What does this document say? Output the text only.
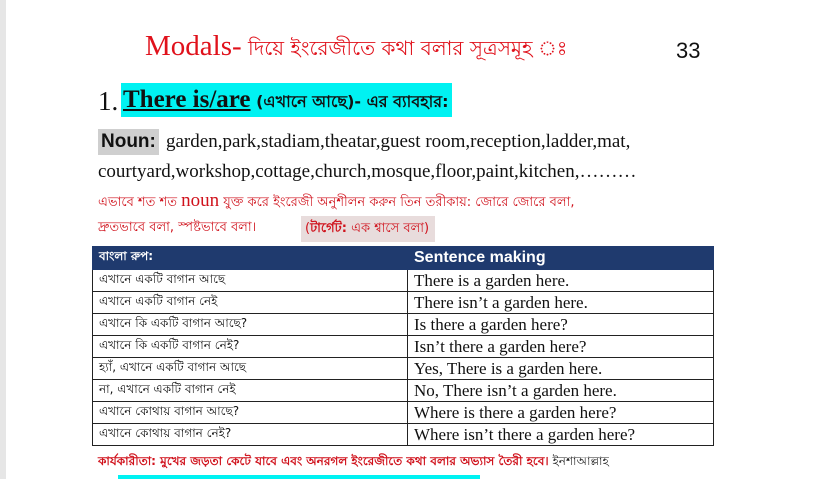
Modals- দিয়ে ইংরেজীতে কথা বলার সূত্রসমূহ ঃ	33
1. There is/are (এখানে আছে)- এর ব্যাবহার:
Noun: garden,park,stadiam,theatar,guest room,reception,ladder,mat,
courtyard,workshop,cottage,church,mosque,floor,paint,kitchen,………
এভাবে শত শত noun যুক্ত করে ইংরেজী অনুশীলন করুন তিন তরীকায়: জোরে জোরে বলা,
দ্রুতভাবে বলা, স্পষ্টভাবে বলা।	(টার্গেট: এক শ্বাসে বলা)
বাংলা রুপ:	Sentence making
এখানে একটি বাগান আছে	There is a garden here.
এখানে একটি বাগান নেই	There isn’t a garden here.
এখানে কি একটি বাগান আছে?	Is there a garden here?
এখানে কি একটি বাগান নেই?	Isn’t there a garden here?
হ্যাঁ, এখানে একটি বাগান আছে	Yes, There is a garden here.
না, এখানে একটি বাগান নেই	No, There isn’t a garden here.
এখানে কোথায় বাগান আছে?	Where is there a garden here?
এখানে কোথায় বাগান নেই?	Where isn’t there a garden here?
কার্যকারীতা: মুখের জড়তা কেটে যাবে এবং অনরগল ইংরেজীতে কথা বলার অভ্যাস তৈরী হবে। ইনশাআল্লাহ
